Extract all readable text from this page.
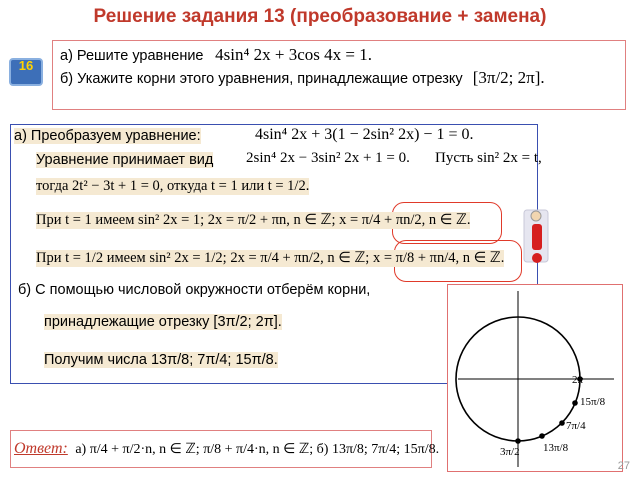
Решение задания 13 (преобразование + замена)
16
а) Решите уравнение 4sin⁴ 2x + 3cos 4x = 1.
б) Укажите корни этого уравнения, принадлежащие отрезку [3π/2; 2π].
а) Преобразуем уравнение:	4sin⁴ 2x + 3(1 − 2sin² 2x) − 1 = 0.
Уравнение принимает вид 2sin⁴ 2x − 3sin² 2x + 1 = 0. Пусть sin² 2x = t,
тогда 2t² − 3t + 1 = 0, откуда t = 1 или t = 1/2.
При t = 1 имеем sin² 2x = 1; 2x = π/2 + πn, n ∈ ℤ; x = π/4 + πn/2, n ∈ ℤ.
При t = 1/2 имеем sin² 2x = 1/2; 2x = π/4 + πn/2, n ∈ ℤ; x = π/8 + πn/4, n ∈ ℤ.
б) С помощью числовой окружности отберём корни,
принадлежащие отрезку [3π/2; 2π].
Получим числа 13π/8; 7π/4; 15π/8.
2π
15π/8
7π/4
13π/8
3π/2
Ответ: а) π/4 + π/2·n, n ∈ ℤ; π/8 + π/4·n, n ∈ ℤ; б) 13π/8; 7π/4; 15π/8.
27
